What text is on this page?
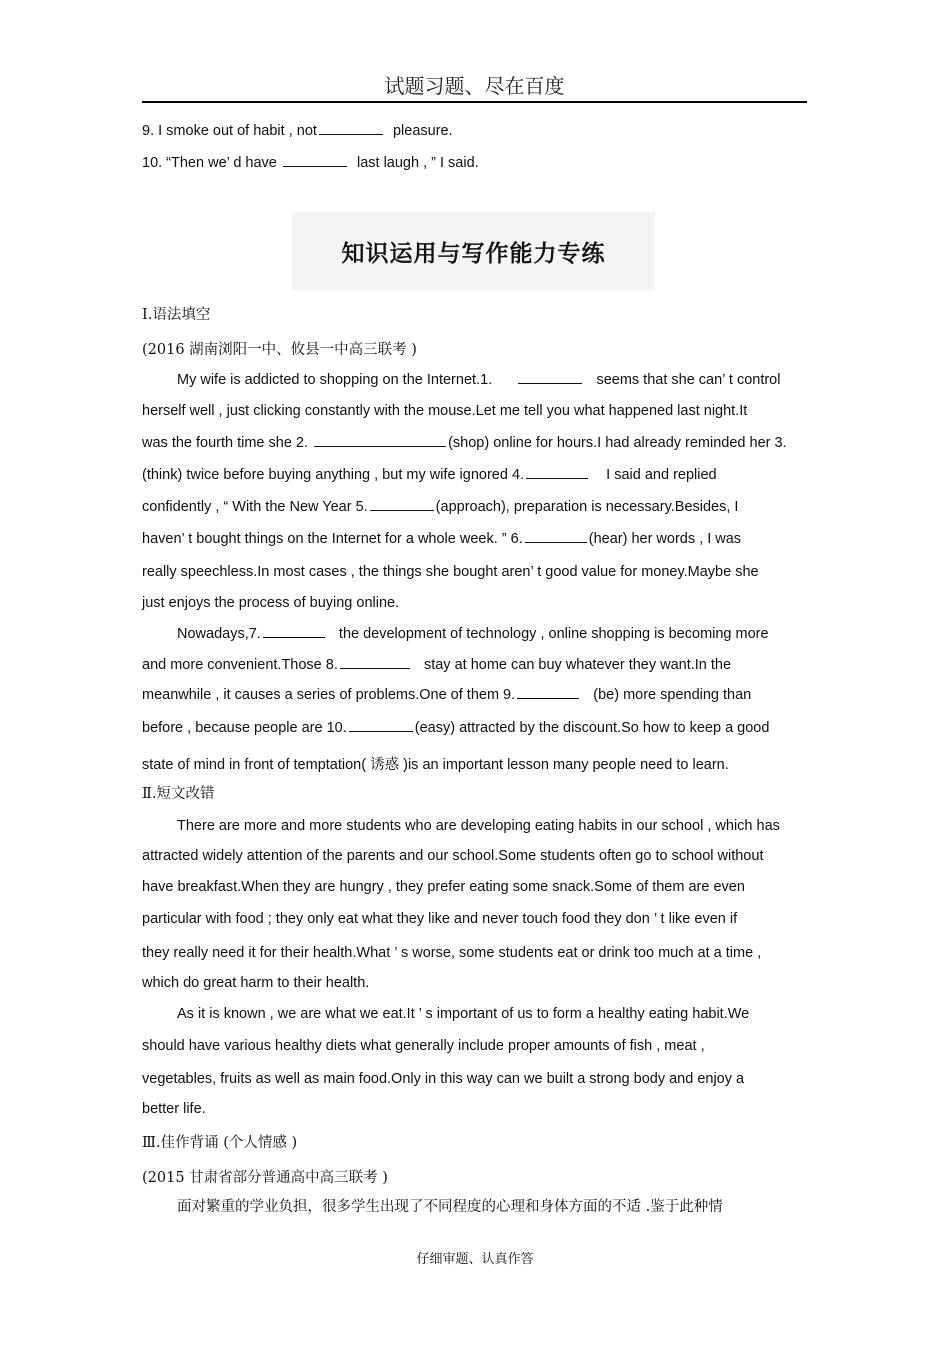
试题习题、尽在百度
9. I smoke out of habit , not	pleasure.
10. “Then we’ d have	last laugh , ” I said.
知识运用与写作能力专练
Ⅰ.语法填空
(2016 湖南浏阳一中、攸县一中高三联考 )
My wife is addicted to shopping on the Internet.1.	seems that she can’ t control
herself well , just clicking constantly with the mouse.Let me tell you what happened last night.It
was the fourth time she 2.	(shop) online for hours.I had already reminded her 3.
(think) twice before buying anything , but my wife ignored 4.	I said and replied
confidently , “ With the New Year 5.	(approach), preparation is necessary.Besides, I
haven’ t bought things on the Internet for a whole week. ” 6.	(hear) her words , I was
really speechless.In most cases , the things she bought aren’ t good value for money.Maybe she
just enjoys the process of buying online.
Nowadays,7.	the development of technology , online shopping is becoming more
and more convenient.Those 8.	stay at home can buy whatever they want.In the
meanwhile , it causes a series of problems.One of them 9.	(be) more spending than
before , because people are 10.	(easy) attracted by the discount.So how to keep a good
state of mind in front of temptation( 诱惑 )is an important lesson many people need to learn.
Ⅱ.短文改错
There are more and more students who are developing eating habits in our school , which has
attracted widely attention of the parents and our school.Some students often go to school without
have breakfast.When they are hungry , they prefer eating some snack.Some of them are even
particular with food ; they only eat what they like and never touch food they don ’ t like even if
they really need it for their health.What ’ s worse, some students eat or drink too much at a time ,
which do great harm to their health.
As it is known , we are what we eat.It ’ s important of us to form a healthy eating habit.We
should have various healthy diets what generally include proper amounts of fish , meat ,
vegetables, fruits as well as main food.Only in this way can we built a strong body and enjoy a
better life.
Ⅲ.佳作背诵 (个人情感 )
(2015 甘肃省部分普通高中高三联考 )
面对繁重的学业负担，很多学生出现了不同程度的心理和身体方面的不适 .鉴于此种情
仔细审题、认真作答
